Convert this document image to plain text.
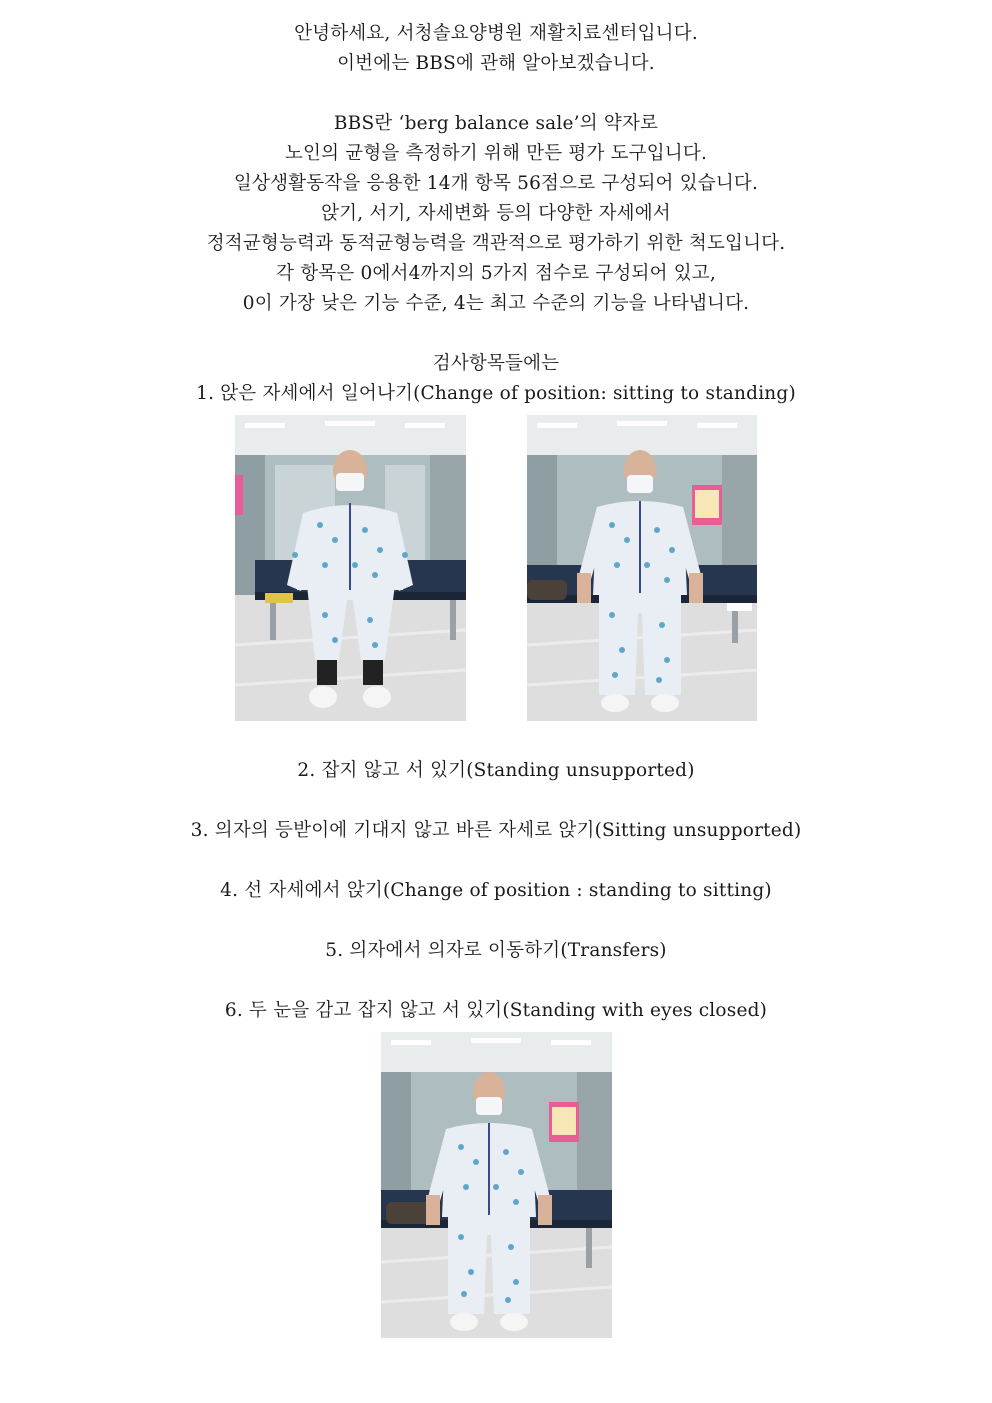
안녕하세요, 서청솔요양병원 재활치료센터입니다.
이번에는 BBS에 관해 알아보겠습니다.
BBS란 ‘berg balance sale’의 약자로
노인의 균형을 측정하기 위해 만든 평가 도구입니다.
일상생활동작을 응용한 14개 항목 56점으로 구성되어 있습니다.
앉기, 서기, 자세변화 등의 다양한 자세에서
정적균형능력과 동적균형능력을 객관적으로 평가하기 위한 척도입니다.
각 항목은 0에서4까지의 5가지 점수로 구성되어 있고,
0이 가장 낮은 기능 수준, 4는 최고 수준의 기능을 나타냅니다.
검사항목들에는
1. 앉은 자세에서 일어나기(Change of position: sitting to standing)
2. 잡지 않고 서 있기(Standing unsupported)
3. 의자의 등받이에 기대지 않고 바른 자세로 앉기(Sitting unsupported)
4. 선 자세에서 앉기(Change of position : standing to sitting)
5. 의자에서 의자로 이동하기(Transfers)
6. 두 눈을 감고 잡지 않고 서 있기(Standing with eyes closed)
